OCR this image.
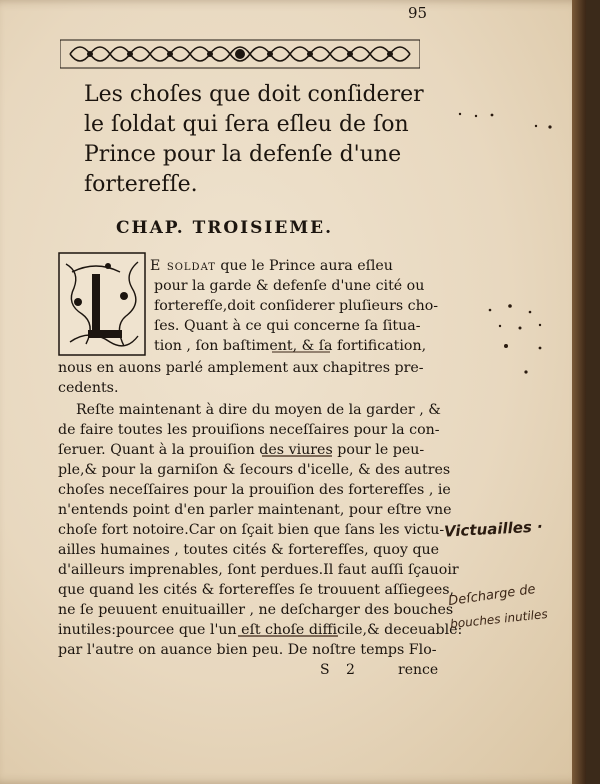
95
Les choſes que doit conſiderer
le ſoldat qui ſera eſleu de ſon
Prince pour la defenſe d'une
forterefſe.
CHAP. TROISIEME.
E soldat que le Prince aura eſleu
pour la garde & defenſe d'une cité ou
forterefſe,doit conſiderer pluſieurs cho-
ſes. Quant à ce qui concerne ſa ſitua-
tion , ſon baſtiment, & ſa fortification,
nous en auons parlé amplement aux chapitres pre-
cedents.
Reſte maintenant à dire du moyen de la garder , &
de faire toutes les prouiſions neceſſaires pour la con-
ſeruer. Quant à la prouiſion des viures pour le peu-
ple,& pour la garniſon & ſecours d'icelle, & des autres
choſes neceſſaires pour la prouiſion des forterefſes , ie
n'entends point d'en parler maintenant, pour eſtre vne
choſe fort notoire.Car on ſçait bien que ſans les victu-
ailles humaines , toutes cités & forterefſes, quoy que
d'ailleurs imprenables, ſont perdues.Il faut auſſi ſçauoir
que quand les cités & forterefſes ſe trouuent aſſiegees,
ne ſe peuuent enuituailler , ne deſcharger des bouches
inutiles:pourcee que l'un eſt choſe difficile,& deceuable:
par l'autre on auance bien peu. De noſtre temps Flo-
S 2	rence
Victuailles ·
Deſcharge de
bouches inutiles
